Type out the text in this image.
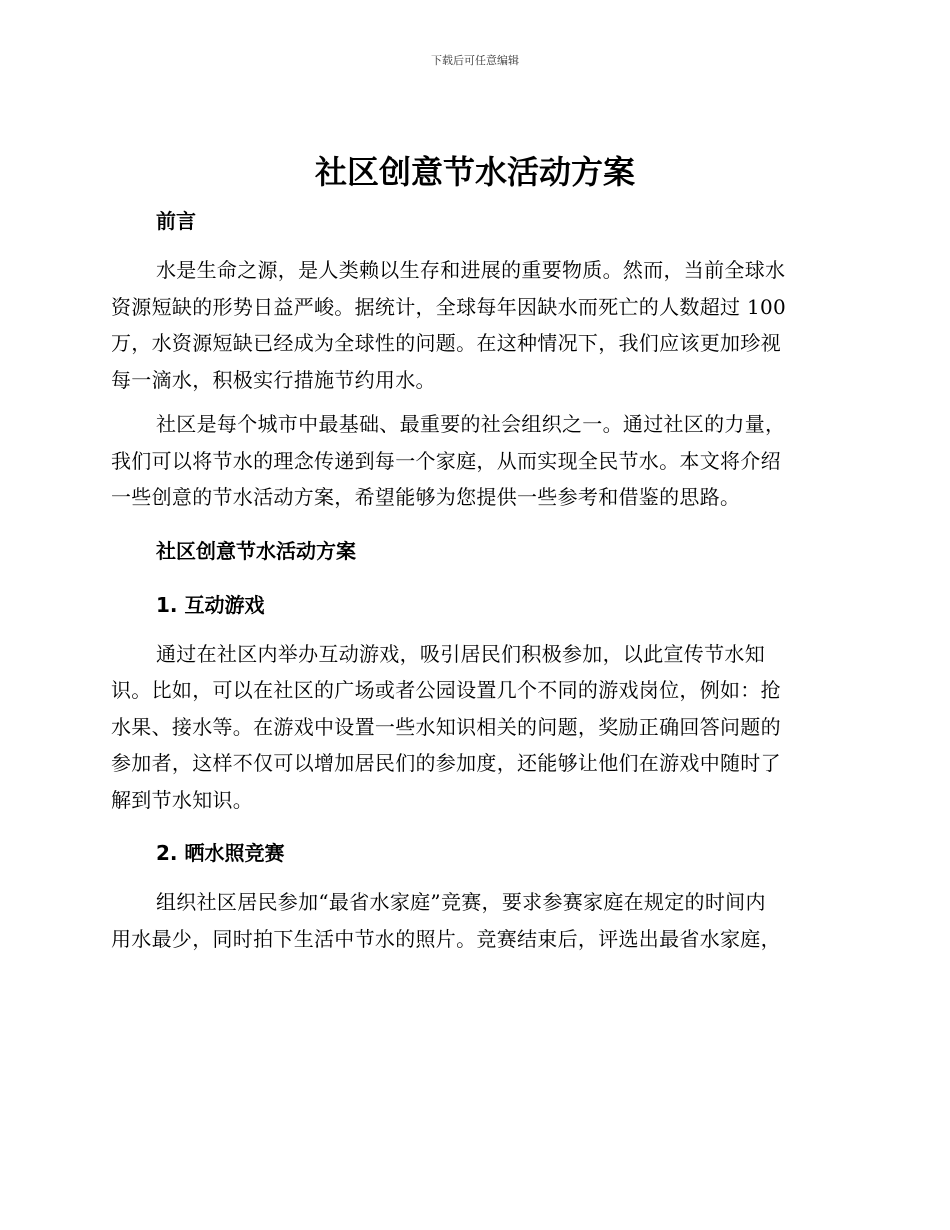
下载后可任意编辑
社区创意节水活动方案
前言

水是生命之源，是人类赖以生存和进展的重要物质。然而，当前全球水
资源短缺的形势日益严峻。据统计，全球每年因缺水而死亡的人数超过 100
万，水资源短缺已经成为全球性的问题。在这种情况下，我们应该更加珍视
每一滴水，积极实行措施节约用水。

社区是每个城市中最基础、最重要的社会组织之一。通过社区的力量，
我们可以将节水的理念传递到每一个家庭，从而实现全民节水。本文将介绍
一些创意的节水活动方案，希望能够为您提供一些参考和借鉴的思路。

社区创意节水活动方案
1. 互动游戏

通过在社区内举办互动游戏，吸引居民们积极参加，以此宣传节水知
识。比如，可以在社区的广场或者公园设置几个不同的游戏岗位，例如：抢
水果、接水等。在游戏中设置一些水知识相关的问题，奖励正确回答问题的
参加者，这样不仅可以增加居民们的参加度，还能够让他们在游戏中随时了
解到节水知识。

2. 晒水照竞赛

组织社区居民参加“最省水家庭”竞赛，要求参赛家庭在规定的时间内
用水最少，同时拍下生活中节水的照片。竞赛结束后，评选出最省水家庭，
